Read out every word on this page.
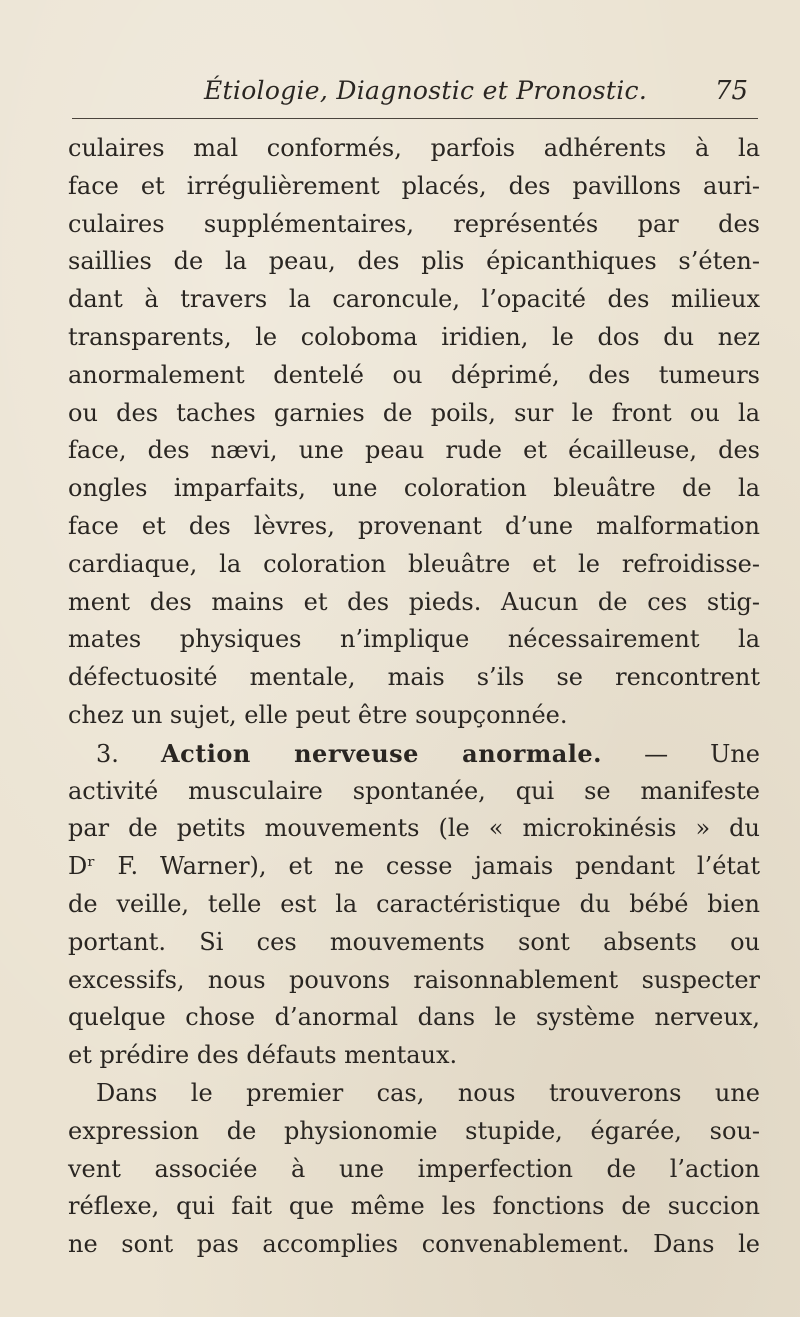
Étiologie, Diagnostic et Pronostic.	75
culaires mal conformés, parfois adhérents à la
face et irrégulièrement placés, des pavillons auri-
culaires supplémentaires, représentés par des
saillies de la peau, des plis épicanthiques s’éten-
dant à travers la caroncule, l’opacité des milieux
transparents, le coloboma iridien, le dos du nez
anormalement dentelé ou déprimé, des tumeurs
ou des taches garnies de poils, sur le front ou la
face, des nævi, une peau rude et écailleuse, des
ongles imparfaits, une coloration bleuâtre de la
face et des lèvres, provenant d’une malformation
cardiaque, la coloration bleuâtre et le refroidisse-
ment des mains et des pieds. Aucun de ces stig-
mates physiques n’implique nécessairement la
défectuosité mentale, mais s’ils se rencontrent
chez un sujet, elle peut être soupçonnée.
3. Action nerveuse anormale. — Une
activité musculaire spontanée, qui se manifeste
par de petits mouvements (le « microkinésis » du
Dʳ F. Warner), et ne cesse jamais pendant l’état
de veille, telle est la caractéristique du bébé bien
portant. Si ces mouvements sont absents ou
excessifs, nous pouvons raisonnablement suspecter
quelque chose d’anormal dans le système nerveux,
et prédire des défauts mentaux.
Dans le premier cas, nous trouverons une
expression de physionomie stupide, égarée, sou-
vent associée à une imperfection de l’action
réflexe, qui fait que même les fonctions de succion
ne sont pas accomplies convenablement. Dans le
